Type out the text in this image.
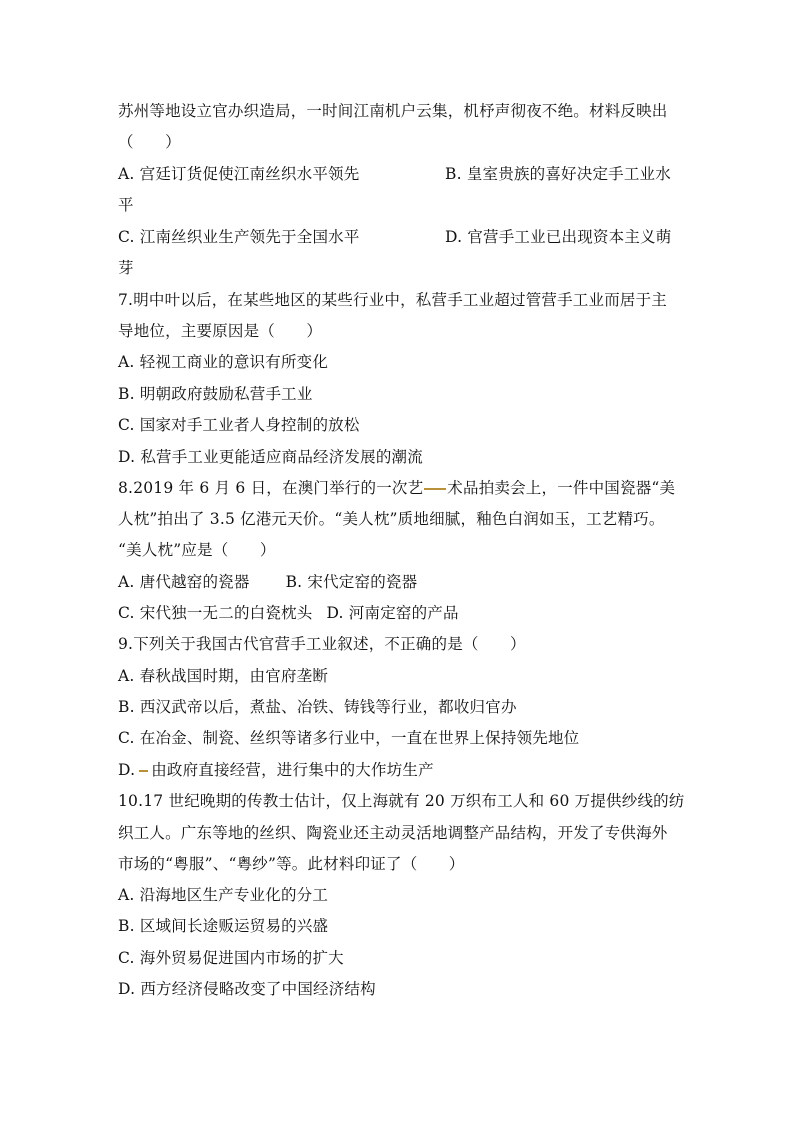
苏州等地设立官办织造局，一时间江南机户云集，机杼声彻夜不绝。材料反映出
（　　）
A. 宫廷订货促使江南丝织水平领先	B. 皇室贵族的喜好决定手工业水
平
C. 江南丝织业生产领先于全国水平	D. 官营手工业已出现资本主义萌
芽
7.明中叶以后，在某些地区的某些行业中，私营手工业超过管营手工业而居于主
导地位，主要原因是（　　）
A. 轻视工商业的意识有所变化
B. 明朝政府鼓励私营手工业
C. 国家对手工业者人身控制的放松
D. 私营手工业更能适应商品经济发展的潮流
8.2019 年 6 月 6 日，在澳门举行的一次艺 术品拍卖会上，一件中国瓷器“美
人枕”拍出了 3.5 亿港元天价。“美人枕”质地细腻，釉色白润如玉，工艺精巧。
“美人枕”应是（　　）
A. 唐代越窑的瓷器 B. 宋代定窑的瓷器
C. 宋代独一无二的白瓷枕头 D. 河南定窑的产品
9.下列关于我国古代官营手工业叙述，不正确的是（　　）
A. 春秋战国时期，由官府垄断
B. 西汉武帝以后，煮盐、冶铁、铸钱等行业，都收归官办
C. 在冶金、制瓷、丝织等诸多行业中，一直在世界上保持领先地位
D. 由政府直接经营，进行集中的大作坊生产
10.17 世纪晚期的传教士估计，仅上海就有 20 万织布工人和 60 万提供纱线的纺
织工人。广东等地的丝织、陶瓷业还主动灵活地调整产品结构，开发了专供海外
市场的“粤服”、“粤纱”等。此材料印证了（　　）
A. 沿海地区生产专业化的分工
B. 区域间长途贩运贸易的兴盛
C. 海外贸易促进国内市场的扩大
D. 西方经济侵略改变了中国经济结构
